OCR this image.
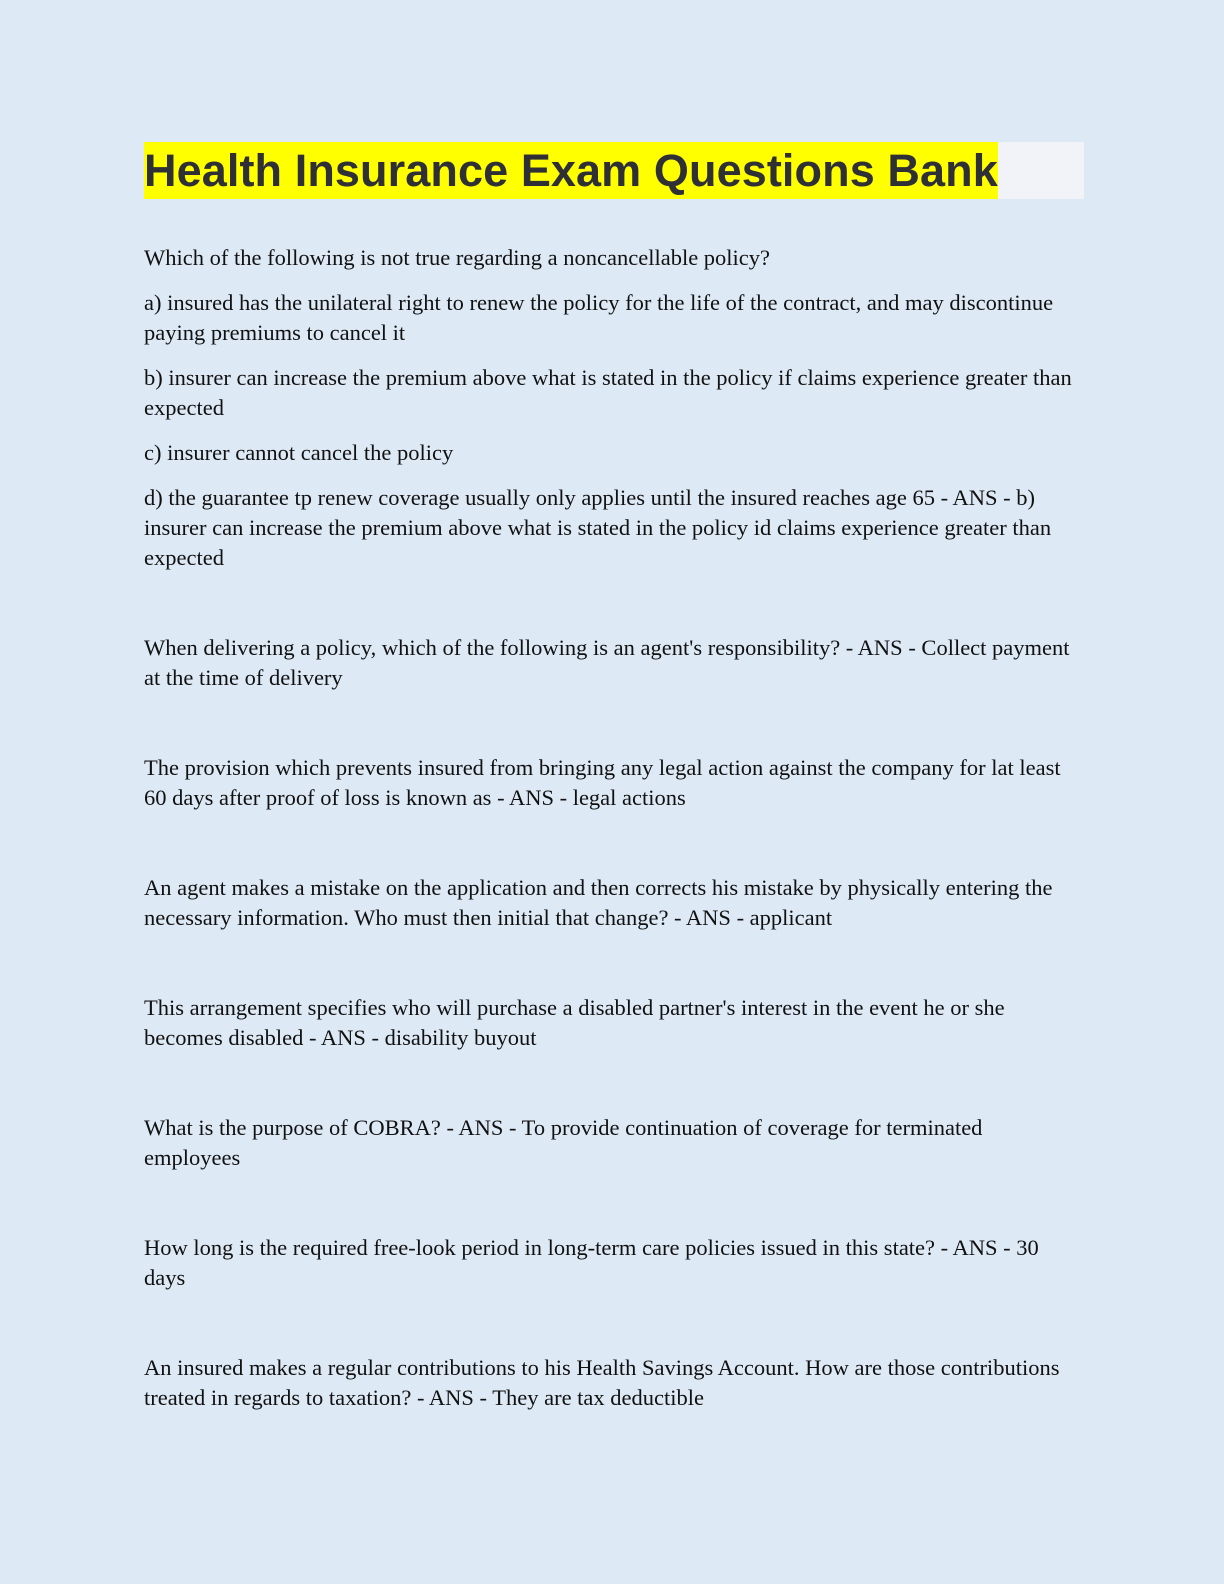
Health Insurance Exam Questions Bank

Which of the following is not true regarding a noncancellable policy?

a) insured has the unilateral right to renew the policy for the life of the contract, and may discontinue paying premiums to cancel it

b) insurer can increase the premium above what is stated in the policy if claims experience greater than expected

c) insurer cannot cancel the policy

d) the guarantee tp renew coverage usually only applies until the insured reaches age 65 - ANS - b) insurer can increase the premium above what is stated in the policy id claims experience greater than expected

When delivering a policy, which of the following is an agent's responsibility? - ANS - Collect payment at the time of delivery

The provision which prevents insured from bringing any legal action against the company for lat least 60 days after proof of loss is known as - ANS - legal actions

An agent makes a mistake on the application and then corrects his mistake by physically entering the necessary information. Who must then initial that change? - ANS - applicant

This arrangement specifies who will purchase a disabled partner's interest in the event he or she becomes disabled - ANS - disability buyout

What is the purpose of COBRA? - ANS - To provide continuation of coverage for terminated employees

How long is the required free-look period in long-term care policies issued in this state? - ANS - 30 days

An insured makes a regular contributions to his Health Savings Account. How are those contributions treated in regards to taxation? - ANS - They are tax deductible
